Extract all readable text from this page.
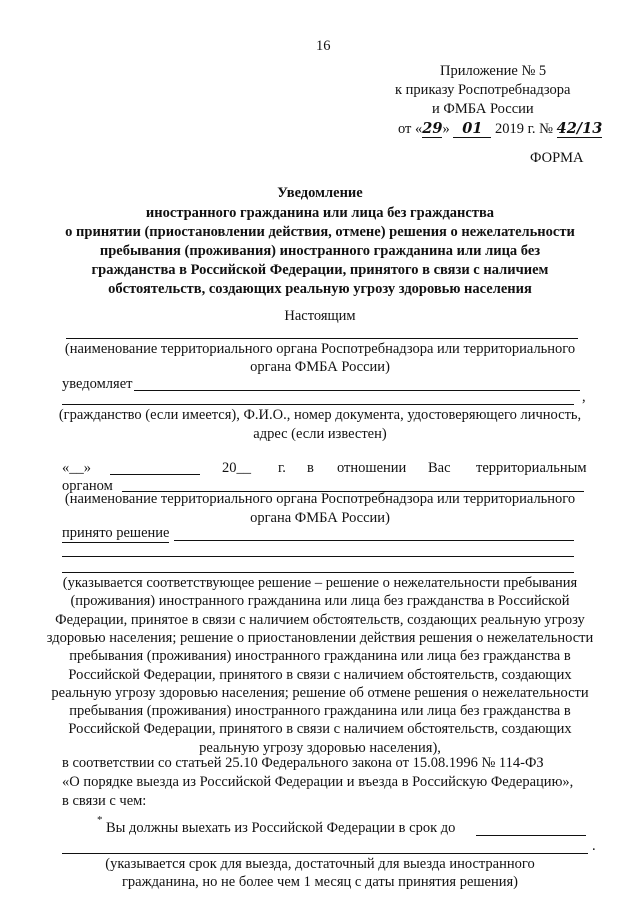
16
Приложение № 5
к приказу Роспотребнадзора
и ФМБА России
от «29» 01 2019 г. № 42/13
ФОРМА
Уведомление
иностранного гражданина или лица без гражданства
о принятии (приостановлении действия, отмене) решения о нежелательности
пребывания (проживания) иностранного гражданина или лица без
гражданства в Российской Федерации, принятого в связи с наличием
обстоятельств, создающих реальную угрозу здоровью населения
Настоящим
(наименование территориального органа Роспотребнадзора или территориального
органа ФМБА России)
уведомляет
,
(гражданство (если имеется), Ф.И.О., номер документа, удостоверяющего личность,
адрес (если известен)
«__»	20__ г. в отношении Вас территориальным
органом
(наименование территориального органа Роспотребнадзора или территориального
органа ФМБА России)
принято решение
(указывается соответствующее решение – решение о нежелательности пребывания
(проживания) иностранного гражданина или лица без гражданства в Российской
Федерации, принятое в связи с наличием обстоятельств, создающих реальную угрозу
здоровью населения; решение о приостановлении действия решения о нежелательности
пребывания (проживания) иностранного гражданина или лица без гражданства в
Российской Федерации, принятого в связи с наличием обстоятельств, создающих
реальную угрозу здоровью населения; решение об отмене решения о нежелательности
пребывания (проживания) иностранного гражданина или лица без гражданства в
Российской Федерации, принятого в связи с наличием обстоятельств, создающих
реальную угрозу здоровью населения),
в соответствии со статьей 25.10 Федерального закона от 15.08.1996 № 114-ФЗ
«О порядке выезда из Российской Федерации и въезда в Российскую Федерацию»,
в связи с чем:
* Вы должны выехать из Российской Федерации в срок до
.
(указывается срок для выезда, достаточный для выезда иностранного
гражданина, но не более чем 1 месяц с даты принятия решения)
